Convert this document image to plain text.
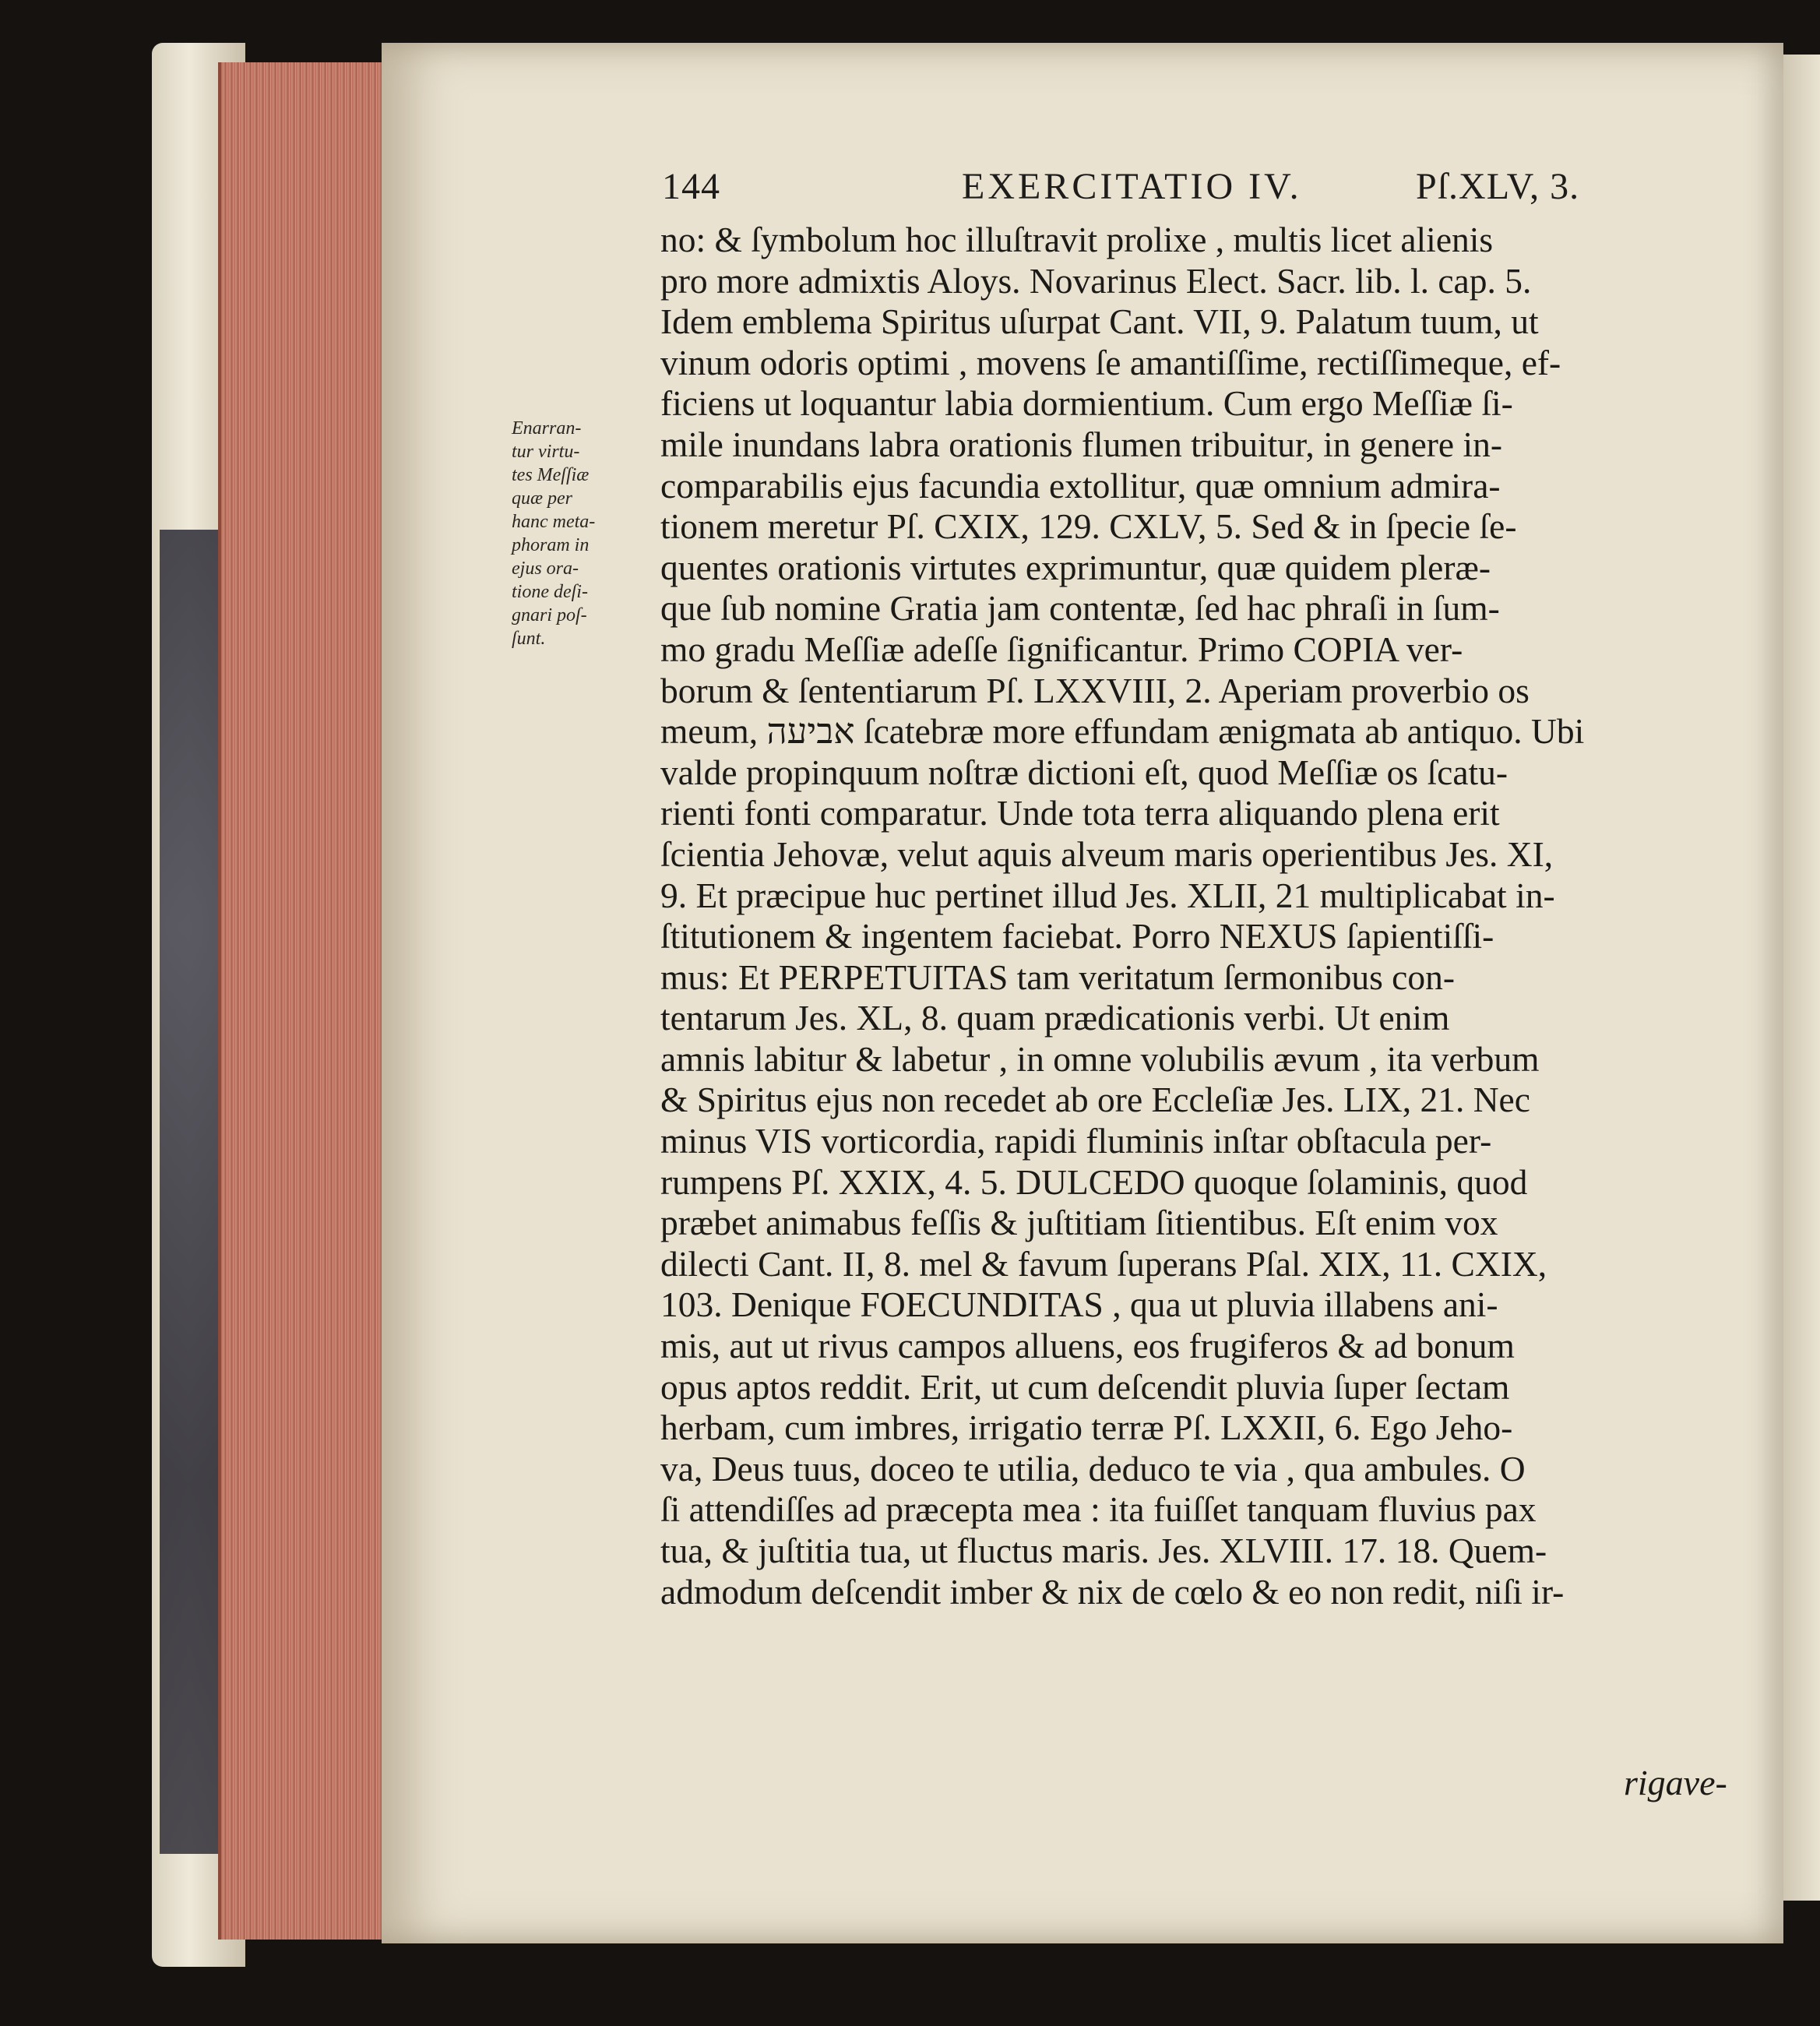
144	EXERCITATIO IV.	Pſ.XLV, 3.
Enarran-
tur virtu-
tes Meſſiæ
quæ per
hanc meta-
phoram in
ejus ora-
tione deſi-
gnari poſ-
ſunt.
no: & ſymbolum hoc illuſtravit prolixe , multis licet alienis
pro more admixtis Aloys. Novarinus Elect. Sacr. lib. l. cap. 5.
Idem emblema Spiritus uſurpat Cant. VII, 9. Palatum tuum, ut
vinum odoris optimi , movens ſe amantiſſime, rectiſſimeque, ef-
ficiens ut loquantur labia dormientium. Cum ergo Meſſiæ ſi-
mile inundans labra orationis flumen tribuitur, in genere in-
comparabilis ejus facundia extollitur, quæ omnium admira-
tionem meretur Pſ. CXIX, 129. CXLV, 5. Sed & in ſpecie ſe-
quentes orationis virtutes exprimuntur, quæ quidem pleræ-
que ſub nomine Gratia jam contentæ, ſed hac phraſi in ſum-
mo gradu Meſſiæ adeſſe ſignificantur. Primo COPIA ver-
borum & ſententiarum Pſ. LXXVIII, 2. Aperiam proverbio os
meum, אביעה ſcatebræ more effundam ænigmata ab antiquo. Ubi
valde propinquum noſtræ dictioni eſt, quod Meſſiæ os ſcatu-
rienti fonti comparatur. Unde tota terra aliquando plena erit
ſcientia Jehovæ, velut aquis alveum maris operientibus Jes. XI,
9. Et præcipue huc pertinet illud Jes. XLII, 21 multiplicabat in-
ſtitutionem & ingentem faciebat. Porro NEXUS ſapientiſſi-
mus: Et PERPETUITAS tam veritatum ſermonibus con-
tentarum Jes. XL, 8. quam prædicationis verbi. Ut enim
amnis labitur & labetur , in omne volubilis ævum , ita verbum
& Spiritus ejus non recedet ab ore Eccleſiæ Jes. LIX, 21. Nec
minus VIS vorticordia, rapidi fluminis inſtar obſtacula per-
rumpens Pſ. XXIX, 4. 5. DULCEDO quoque ſolaminis, quod
præbet animabus feſſis & juſtitiam ſitientibus. Eſt enim vox
dilecti Cant. II, 8. mel & favum ſuperans Pſal. XIX, 11. CXIX,
103. Denique FOECUNDITAS , qua ut pluvia illabens ani-
mis, aut ut rivus campos alluens, eos frugiferos & ad bonum
opus aptos reddit. Erit, ut cum deſcendit pluvia ſuper ſectam
herbam, cum imbres, irrigatio terræ Pſ. LXXII, 6. Ego Jeho-
va, Deus tuus, doceo te utilia, deduco te via , qua ambules. O
ſi attendiſſes ad præcepta mea : ita fuiſſet tanquam fluvius pax
tua, & juſtitia tua, ut fluctus maris. Jes. XLVIII. 17. 18. Quem-
admodum deſcendit imber & nix de cœlo & eo non redit, niſi ir-
rigave-
